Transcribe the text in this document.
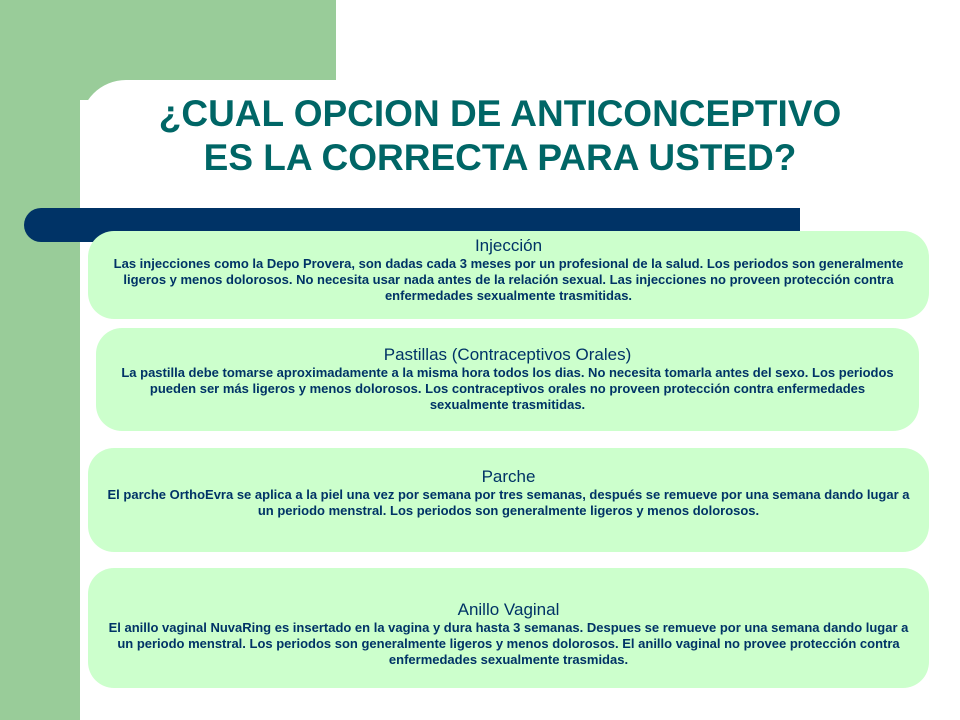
¿CUAL OPCION DE ANTICONCEPTIVO
ES LA CORRECTA PARA USTED?
Injección
Las injecciones como la Depo Provera, son dadas cada 3 meses por un profesional de la salud. Los periodos son generalmente ligeros y menos dolorosos. No necesita usar nada antes de la relación sexual. Las injecciones no proveen protección contra enfermedades sexualmente trasmitidas.
Pastillas (Contraceptivos Orales)
La pastilla debe tomarse aproximadamente a la misma hora todos los dias. No necesita tomarla antes del sexo. Los periodos pueden ser más ligeros y menos dolorosos. Los contraceptivos orales no proveen protección contra enfermedades sexualmente trasmitidas.
Parche
El parche OrthoEvra se aplica a la piel una vez por semana por tres semanas, después se remueve por una semana dando lugar a un periodo menstral. Los periodos son generalmente ligeros y menos dolorosos.
Anillo Vaginal
El anillo vaginal NuvaRing es insertado en la vagina y dura hasta 3 semanas. Despues se remueve por una semana dando lugar a un periodo menstral. Los periodos son generalmente ligeros y menos dolorosos. El anillo vaginal no provee protección contra enfermedades sexualmente trasmidas.
